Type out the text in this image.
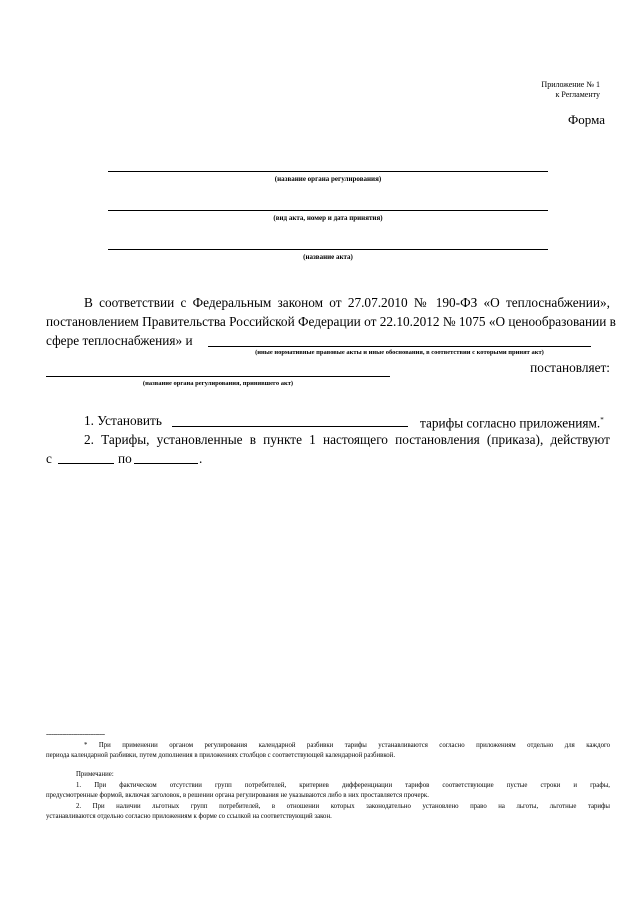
Приложение № 1
к Регламенту
Форма
(название органа регулирования)
(вид акта, номер и дата принятия)
(название акта)
В соответствии с Федеральным законом от 27.07.2010 № 190-ФЗ «О теплоснабжении»,
постановлением Правительства Российской Федерации от 22.10.2012 № 1075 «О ценообразовании в
сфере теплоснабжения» и
(иные нормативные правовые акты и иные обоснования, в соответствии с которыми принят акт)
постановляет:
(название органа регулирования, принявшего акт)
1. Установить	тарифы согласно приложениям.*
2. Тарифы, установленные в пункте 1 настоящего постановления (приказа), действуют
с	по	.
--------------------------------
* При применении органом регулирования календарной разбивки тарифы устанавливаются согласно приложениям отдельно для каждого
периода календарной разбивки, путем дополнения в приложениях столбцов с соответствующей календарной разбивкой.
Примечание:
1. При фактическом отсутствии групп потребителей, критериев дифференциации тарифов соответствующие пустые строки и графы,
предусмотренные формой, включая заголовок, в решении органа регулирования не указываются либо в них проставляется прочерк.
2. При наличии льготных групп потребителей, в отношении которых законодательно установлено право на льготы, льготные тарифы
устанавливаются отдельно согласно приложениям к форме со ссылкой на соответствующий закон.
